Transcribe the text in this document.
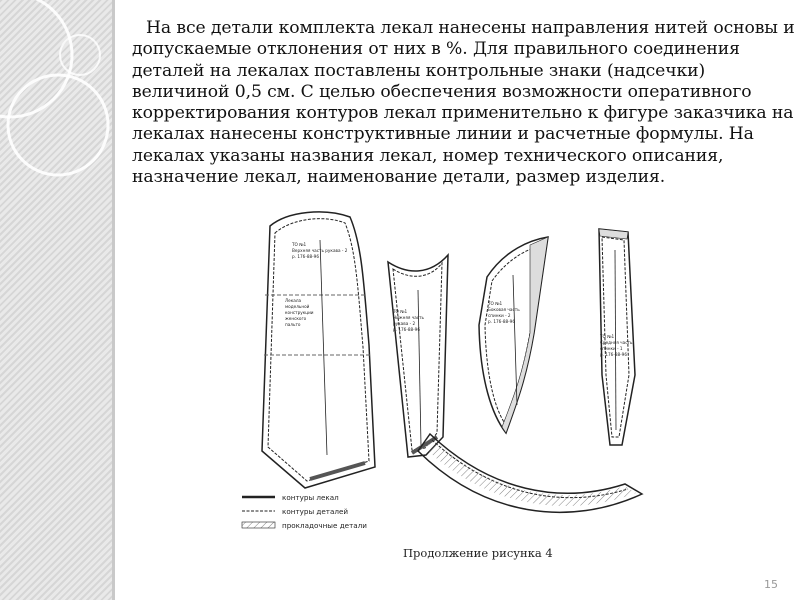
На все детали комплекта лекал нанесены направления нитей основы и допускаемые отклонения от них в %. Для правильного соединения деталей на лекалах поставлены контрольные знаки (надсечки) величиной 0,5 см. С целью обеспечения возможности оперативного корректирования контуров лекал применительно к фигуре заказчика на лекалах нанесены конструктивные линии и расчетные формулы. На лекалах указаны названия лекал, номер технического описания, назначение лекал, наименование детали, размер изделия.

ТО №1
Верхняя часть рукава - 2
р. 176-88-96
Лекала
модельной
конструкции
женского
пальто
ТО №1
Нижняя часть
рукава - 2
р. 176-88-96
ТО №1
Боковая часть
спинки - 2
р. 176-88-96
ТО №1
Средняя часть
спинки - 1
р. 176-88-96
контуры лекал
контуры деталей
прокладочные детали
Продолжение рисунка 4
15
